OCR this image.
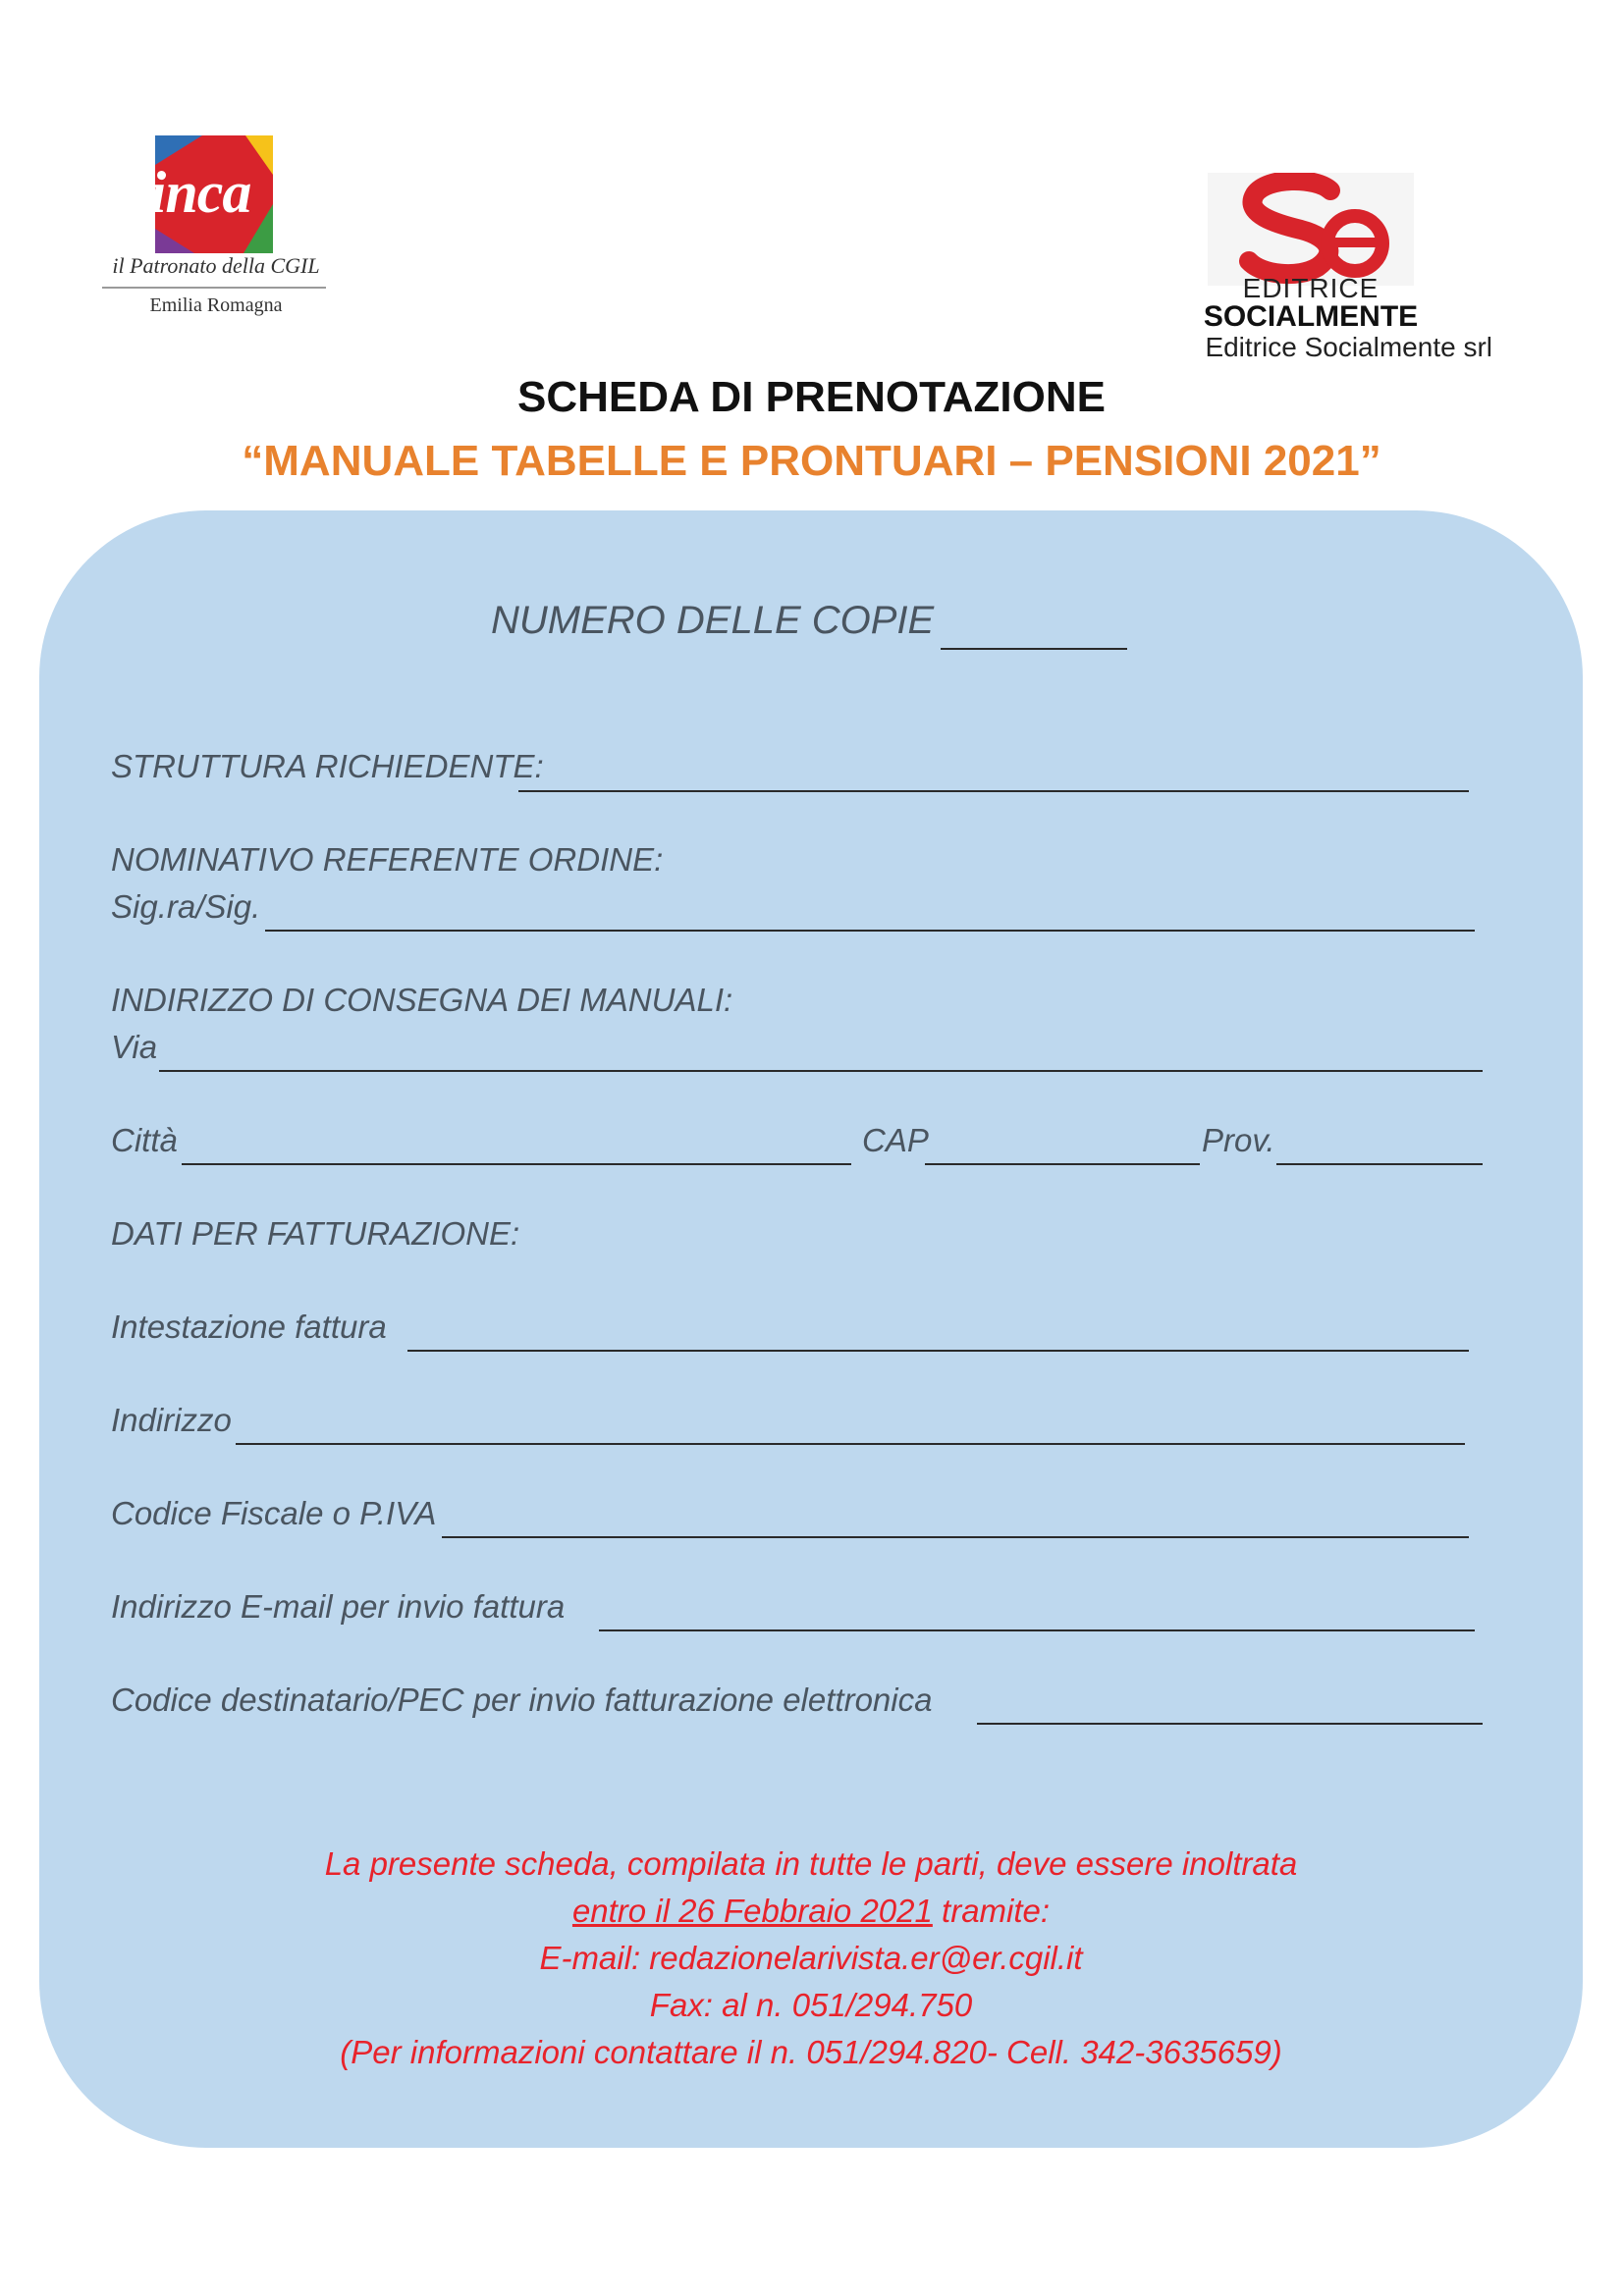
inca
il Patronato della CGIL
Emilia Romagna
EDITRICE
SOCIALMENTE
Editrice Socialmente srl
SCHEDA DI PRENOTAZIONE
“MANUALE TABELLE E PRONTUARI – PENSIONI 2021”
NUMERO DELLE COPIE
STRUTTURA RICHIEDENTE:
NOMINATIVO REFERENTE ORDINE:
Sig.ra/Sig.
INDIRIZZO DI CONSEGNA DEI MANUALI:
Via
Città	CAP	Prov.
DATI PER FATTURAZIONE:
Intestazione fattura
Indirizzo
Codice Fiscale o P.IVA
Indirizzo E-mail per invio fattura
Codice destinatario/PEC per invio fatturazione elettronica
La presente scheda, compilata in tutte le parti, deve essere inoltrata
entro il 26 Febbraio 2021 tramite:
E-mail: redazionelarivista.er@er.cgil.it
Fax: al n. 051/294.750
(Per informazioni contattare il n. 051/294.820- Cell. 342-3635659)
